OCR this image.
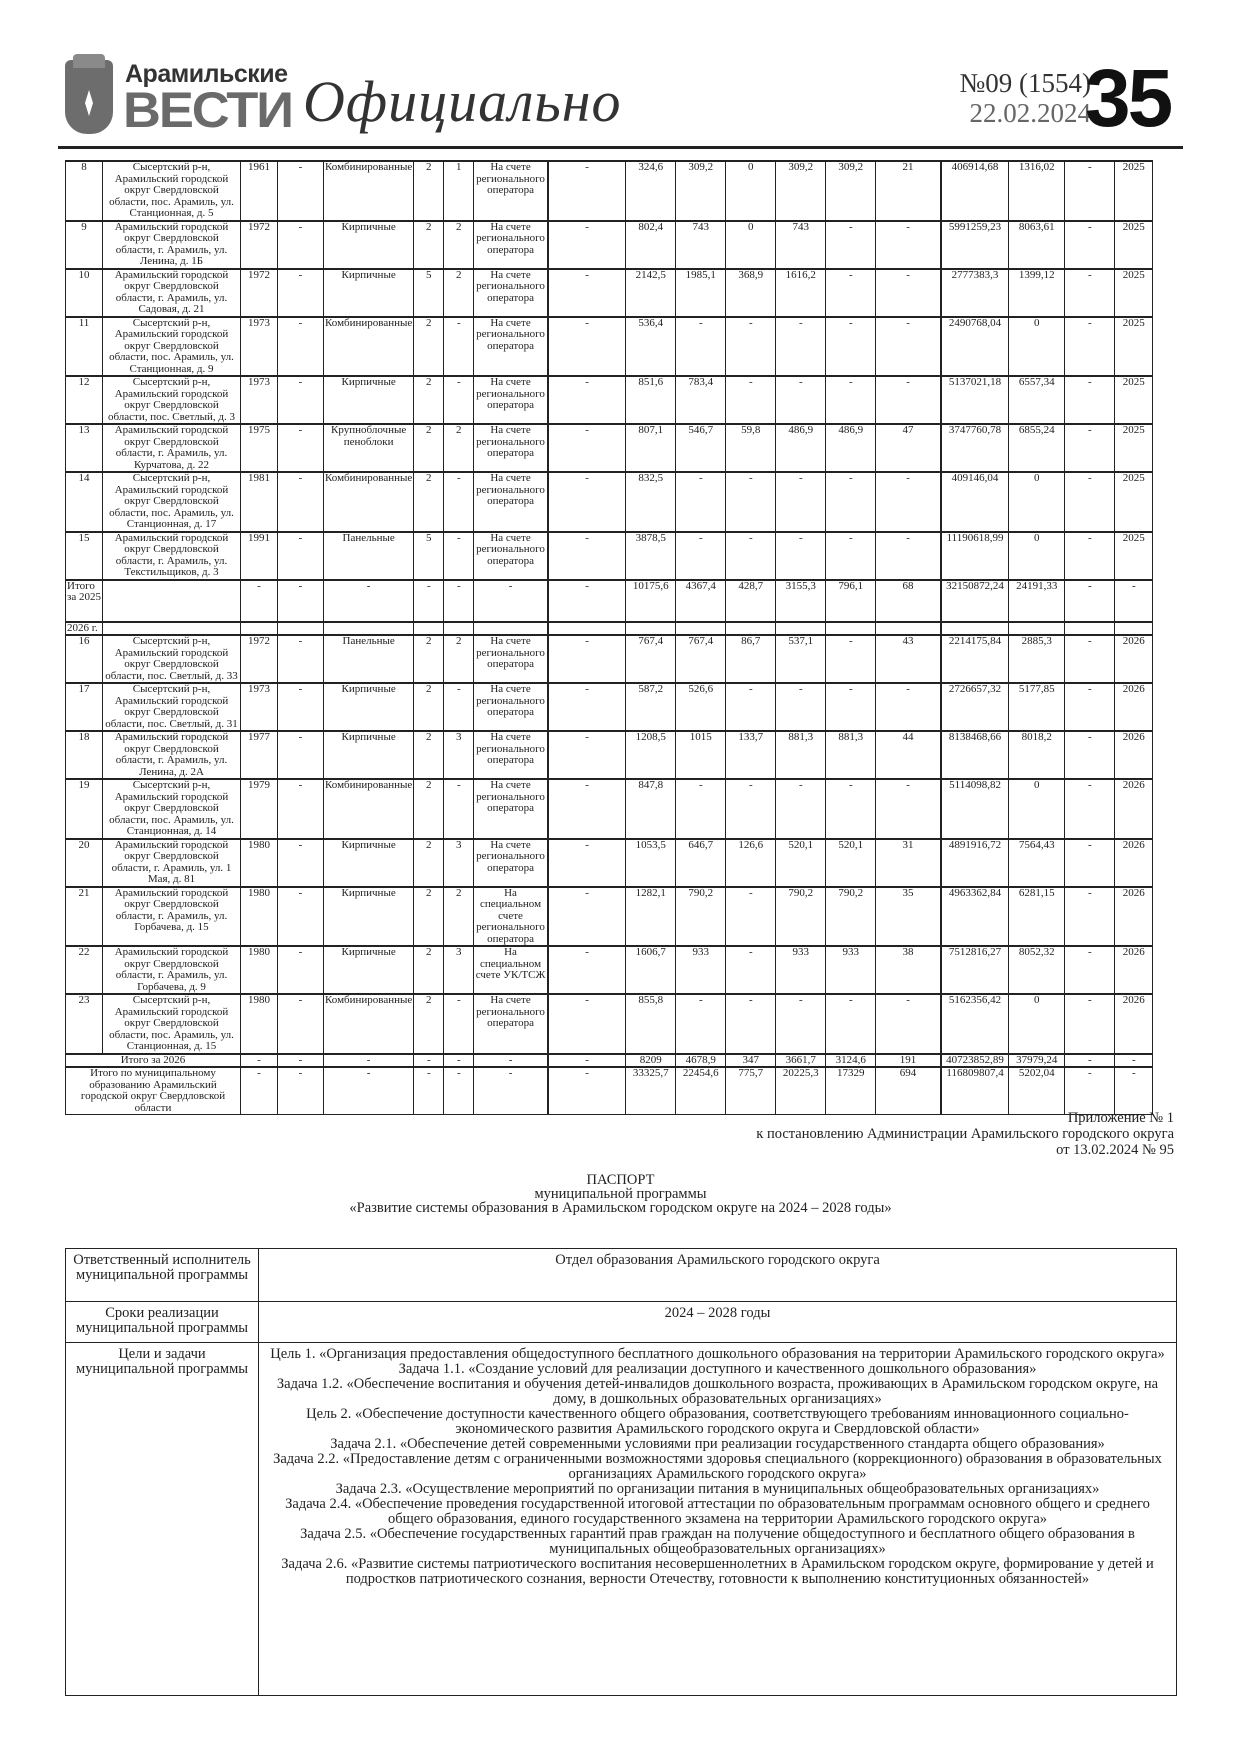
Арамильские
ВЕСТИ Официально	№09 (1554)
22.02.2024
35
8	Сысертский р-н, Арамильский городской округ Свердловской области, пос. Арамиль, ул. Станционная, д. 5	1961	-	Комбинированные	2	1	На счете регионального оператора	-	324,6	309,2	0	309,2	309,2	21	406914,68	1316,02	-	2025
9	Арамильский городской округ Свердловской области, г. Арамиль, ул. Ленина, д. 1Б	1972	-	Кирпичные	2	2	На счете регионального оператора	-	802,4	743	0	743	-	-	5991259,23	8063,61	-	2025
10	Арамильский городской округ Свердловской области, г. Арамиль, ул. Садовая, д. 21	1972	-	Кирпичные	5	2	На счете регионального оператора	-	2142,5	1985,1	368,9	1616,2	-	-	2777383,3	1399,12	-	2025
11	Сысертский р-н, Арамильский городской округ Свердловской области, пос. Арамиль, ул. Станционная, д. 9	1973	-	Комбинированные	2	-	На счете регионального оператора	-	536,4	-	-	-	-	-	2490768,04	0	-	2025
12	Сысертский р-н, Арамильский городской округ Свердловской области, пос. Светлый, д. 3	1973	-	Кирпичные	2	-	На счете регионального оператора	-	851,6	783,4	-	-	-	-	5137021,18	6557,34	-	2025
13	Арамильский городской округ Свердловской области, г. Арамиль, ул. Курчатова, д. 22	1975	-	Крупноблочные пеноблоки	2	2	На счете регионального оператора	-	807,1	546,7	59,8	486,9	486,9	47	3747760,78	6855,24	-	2025
14	Сысертский р-н, Арамильский городской округ Свердловской области, пос. Арамиль, ул. Станционная, д. 17	1981	-	Комбинированные	2	-	На счете регионального оператора	-	832,5	-	-	-	-	-	409146,04	0	-	2025
15	Арамильский городской округ Свердловской области, г. Арамиль, ул. Текстильщиков, д. 3	1991	-	Панельные	5	-	На счете регионального оператора	-	3878,5	-	-	-	-	-	11190618,99	0	-	2025
Итого за 2025		-	-	-	-	-	-	-	10175,6	4367,4	428,7	3155,3	796,1	68	32150872,24	24191,33	-	-
2026 г.																		
16	Сысертский р-н, Арамильский городской округ Свердловской области, пос. Светлый, д. 33	1972	-	Панельные	2	2	На счете регионального оператора	-	767,4	767,4	86,7	537,1	-	43	2214175,84	2885,3	-	2026
17	Сысертский р-н, Арамильский городской округ Свердловской области, пос. Светлый, д. 31	1973	-	Кирпичные	2	-	На счете регионального оператора	-	587,2	526,6	-	-	-	-	2726657,32	5177,85	-	2026
18	Арамильский городской округ Свердловской области, г. Арамиль, ул. Ленина, д. 2А	1977	-	Кирпичные	2	3	На счете регионального оператора	-	1208,5	1015	133,7	881,3	881,3	44	8138468,66	8018,2	-	2026
19	Сысертский р-н, Арамильский городской округ Свердловской области, пос. Арамиль, ул. Станционная, д. 14	1979	-	Комбинированные	2	-	На счете регионального оператора	-	847,8	-	-	-	-	-	5114098,82	0	-	2026
20	Арамильский городской округ Свердловской области, г. Арамиль, ул. 1 Мая, д. 81	1980	-	Кирпичные	2	3	На счете регионального оператора	-	1053,5	646,7	126,6	520,1	520,1	31	4891916,72	7564,43	-	2026
21	Арамильский городской округ Свердловской области, г. Арамиль, ул. Горбачева, д. 15	1980	-	Кирпичные	2	2	На специальном счете регионального оператора	-	1282,1	790,2	-	790,2	790,2	35	4963362,84	6281,15	-	2026
22	Арамильский городской округ Свердловской области, г. Арамиль, ул. Горбачева, д. 9	1980	-	Кирпичные	2	3	На специальном счете УК/ТСЖ	-	1606,7	933	-	933	933	38	7512816,27	8052,32	-	2026
23	Сысертский р-н, Арамильский городской округ Свердловской области, пос. Арамиль, ул. Станционная, д. 15	1980	-	Комбинированные	2	-	На счете регионального оператора	-	855,8	-	-	-	-	-	5162356,42	0	-	2026
Итого за 2026		-	-	-	-	-	-	-	8209	4678,9	347	3661,7	3124,6	191	40723852,89	37979,24	-	-
Итого по муниципальному образованию Арамильский городской округ Свердловской области		-	-	-	-	-	-	-	33325,7	22454,6	775,7	20225,3	17329	694	116809807,4	5202,04	-	-
Приложение № 1
к постановлению Администрации Арамильского городского округа
от 13.02.2024 № 95
ПАСПОРТ
муниципальной программы
«Развитие системы образования в Арамильском городском округе на 2024 – 2028 годы»
Ответственный исполнитель муниципальной программы	Отдел образования Арамильского городского округа
Сроки реализации муниципальной программы	2024 – 2028 годы
Цели и задачи муниципальной программы	
Цель 1. «Организация предоставления общедоступного бесплатного дошкольного образования на территории Арамильского городского округа»
Задача 1.1. «Создание условий для реализации доступного и качественного дошкольного образования»
Задача 1.2. «Обеспечение воспитания и обучения детей-инвалидов дошкольного возраста, проживающих в Арамильском городском округе, на дому, в дошкольных образовательных организациях»
Цель 2. «Обеспечение доступности качественного общего образования, соответствующего требованиям инновационного социально-экономического развития Арамильского городского округа и Свердловской области»
Задача 2.1. «Обеспечение детей современными условиями при реализации государственного стандарта общего образования»
Задача 2.2. «Предоставление детям с ограниченными возможностями здоровья специального (коррекционного) образования в образовательных организациях Арамильского городского округа»
Задача 2.3. «Осуществление мероприятий по организации питания в муниципальных общеобразовательных организациях»
Задача 2.4. «Обеспечение проведения государственной итоговой аттестации по образовательным программам основного общего и среднего общего образования, единого государственного экзамена на территории Арамильского городского округа»
Задача 2.5. «Обеспечение государственных гарантий прав граждан на получение общедоступного и бесплатного общего образования в муниципальных общеобразовательных организациях»
Задача 2.6. «Развитие системы патриотического воспитания несовершеннолетних в Арамильском городском округе, формирование у детей и подростков патриотического сознания, верности Отечеству, готовности к выполнению конституционных обязанностей»
